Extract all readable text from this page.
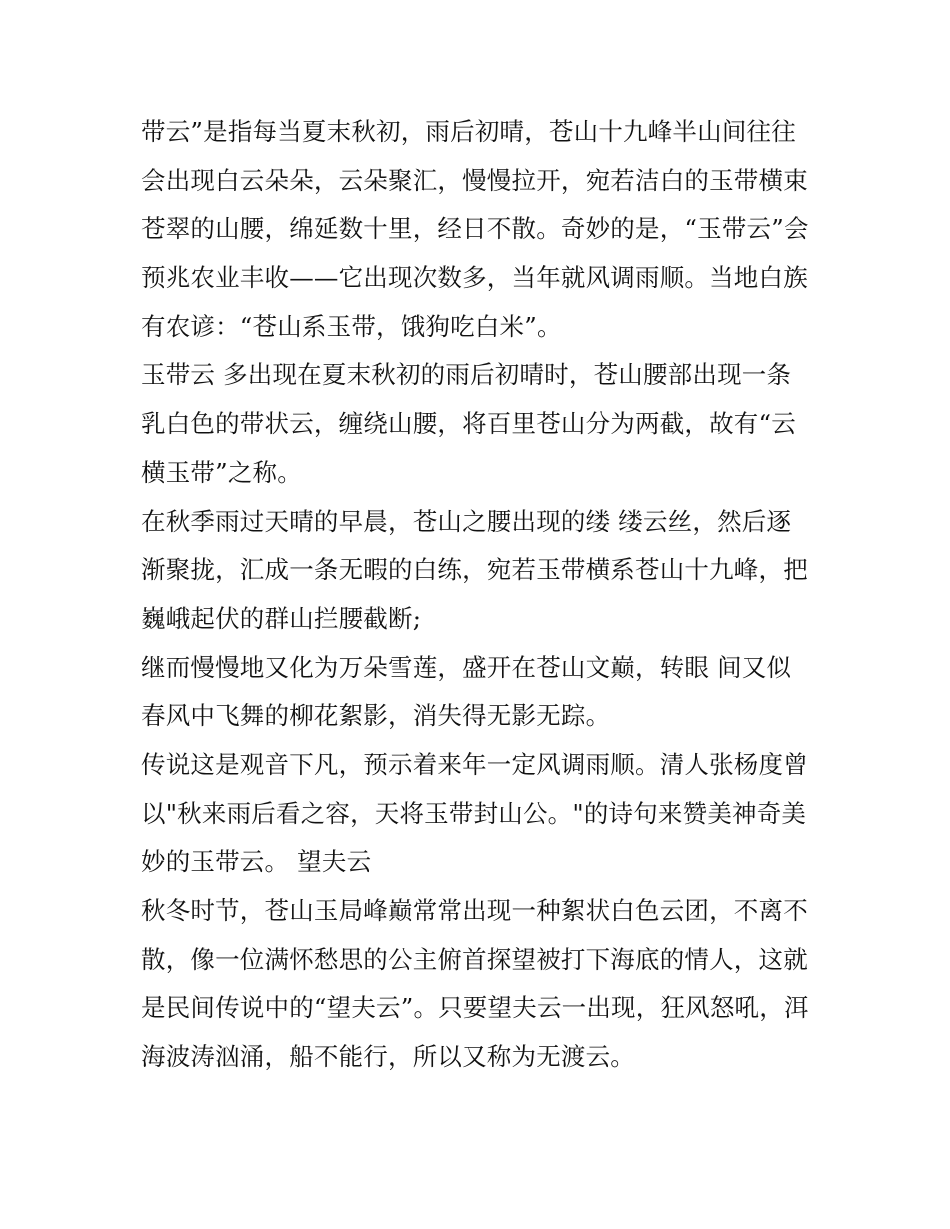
带云”是指每当夏末秋初，雨后初晴，苍山十九峰半山间往往
会出现白云朵朵，云朵聚汇，慢慢拉开，宛若洁白的玉带横束
苍翠的山腰，绵延数十里，经日不散。奇妙的是，“玉带云”会
预兆农业丰收——它出现次数多，当年就风调雨顺。当地白族
有农谚：“苍山系玉带，饿狗吃白米”。
玉带云 多出现在夏末秋初的雨后初晴时，苍山腰部出现一条
乳白色的带状云，缠绕山腰，将百里苍山分为两截，故有“云
横玉带”之称。
在秋季雨过天晴的早晨，苍山之腰出现的缕 缕云丝，然后逐
渐聚拢，汇成一条无暇的白练，宛若玉带横系苍山十九峰，把
巍峨起伏的群山拦腰截断;
继而慢慢地又化为万朵雪莲，盛开在苍山文巅，转眼 间又似
春风中飞舞的柳花絮影，消失得无影无踪。
传说这是观音下凡，预示着来年一定风调雨顺。清人张杨度曾
以"秋来雨后看之容，天将玉带封山公。"的诗句来赞美神奇美
妙的玉带云。 望夫云
秋冬时节，苍山玉局峰巅常常出现一种絮状白色云团，不离不
散，像一位满怀愁思的公主俯首探望被打下海底的情人，这就
是民间传说中的“望夫云”。只要望夫云一出现，狂风怒吼，洱
海波涛汹涌，船不能行，所以又称为无渡云。
